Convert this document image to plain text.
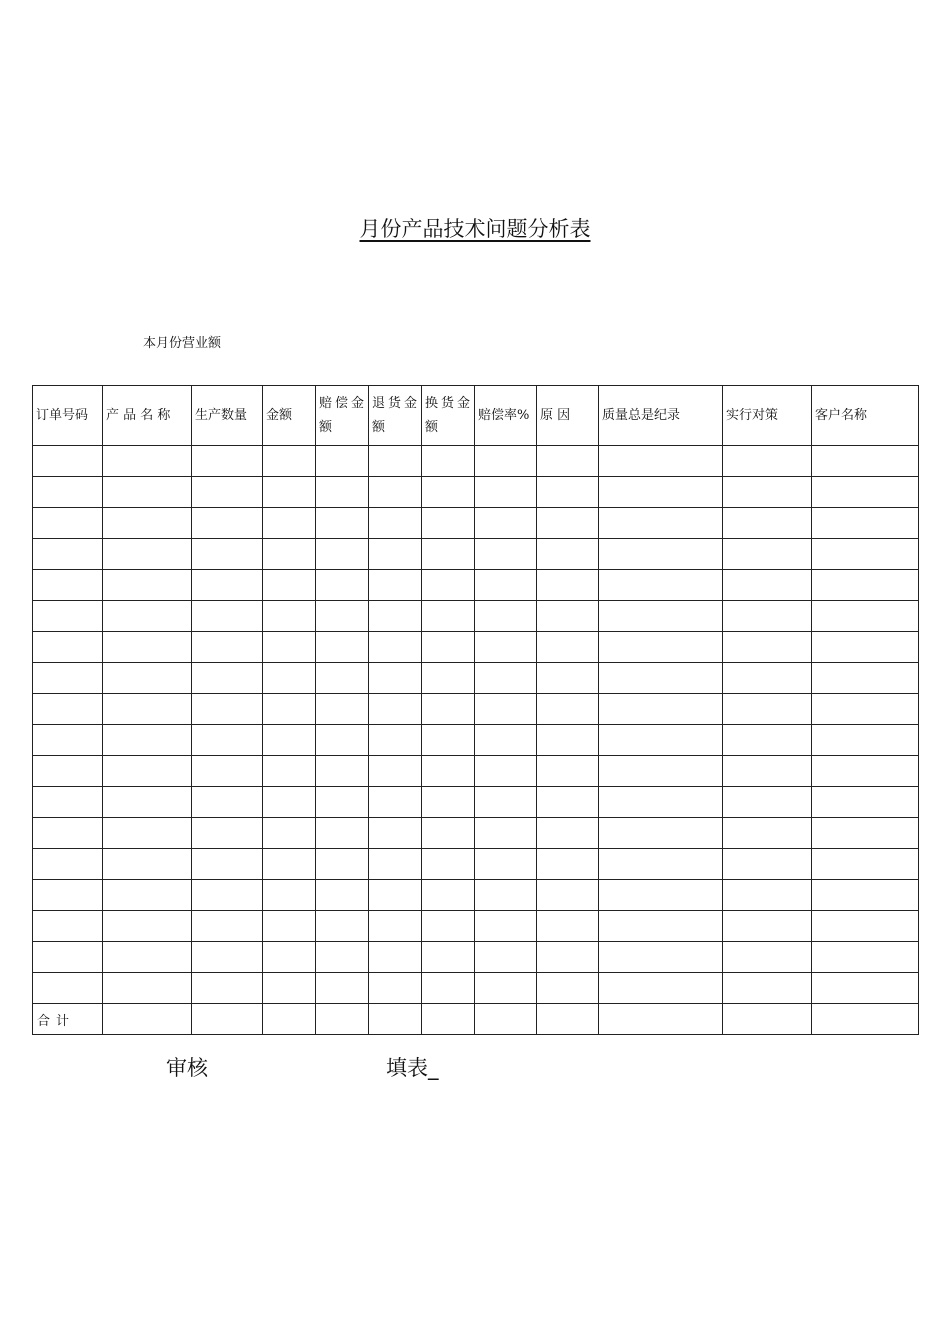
月份产品技术问题分析表
本月份营业额
订单号码	产 品 名 称	生产数量	金额	赔偿金额	退货金额	换货金额	赔偿率%	原 因	质量总是纪录	实行对策	客户名称

合计											
审核	填表_
